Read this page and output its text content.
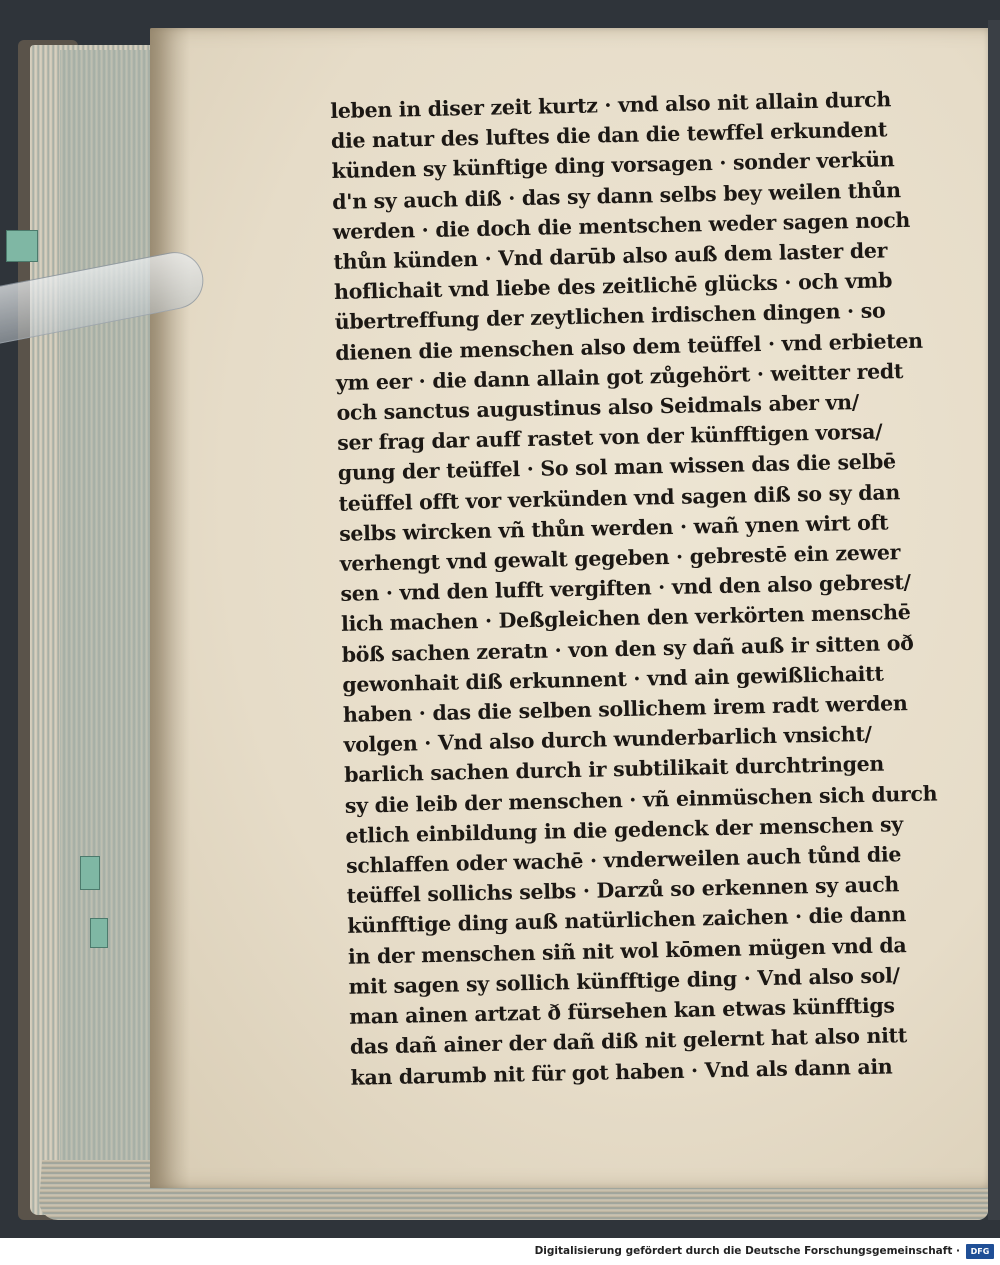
leben in diser zeit kurtz · vnd also nit allain durch
die natur des luftes die dan die tewffel erkundent
künden sy künftige ding vorsagen · sonder verkün
d'n sy auch diß · das sy dann selbs bey weilen thůn
werden · die doch die mentschen weder sagen noch
thůn künden · Vnd darūb also auß dem laster der
hoflichait vnd liebe des zeitlichē glücks · och vmb
übertreffung der zeytlichen irdischen dingen · so
dienen die menschen also dem teüffel · vnd erbieten
ym eer · die dann allain got zůgehört · weitter redt
och sanctus augustinus also Seidmals aber vn/
ser frag dar auff rastet von der künfftigen vorsa/
gung der teüffel · So sol man wissen das die selbē
teüffel offt vor verkünden vnd sagen diß so sy dan
selbs wircken vñ thůn werden · wañ ynen wirt oft
verhengt vnd gewalt gegeben · gebrestē ein zewer
sen · vnd den lufft vergiften · vnd den also gebrest/
lich machen · Deßgleichen den verkörten menschē
böß sachen zeratn · von den sy dañ auß ir sitten oð
gewonhait diß erkunnent · vnd ain gewißlichaitt
haben · das die selben sollichem irem radt werden
volgen · Vnd also durch wunderbarlich vnsicht/
barlich sachen durch ir subtilikait durchtringen
sy die leib der menschen · vñ einmüschen sich durch
etlich einbildung in die gedenck der menschen sy
schlaffen oder wachē · vnderweilen auch tůnd die
teüffel sollichs selbs · Darzů so erkennen sy auch
künfftige ding auß natürlichen zaichen · die dann
in der menschen siñ nit wol kōmen mügen vnd da
mit sagen sy sollich künfftige ding · Vnd also sol/
man ainen artzat ð fürsehen kan etwas künfftigs
das dañ ainer der dañ diß nit gelernt hat also nitt
kan darumb nit für got haben · Vnd als dann ain
Digitalisierung gefördert durch die Deutsche Forschungsgemeinschaft ·	DFG
